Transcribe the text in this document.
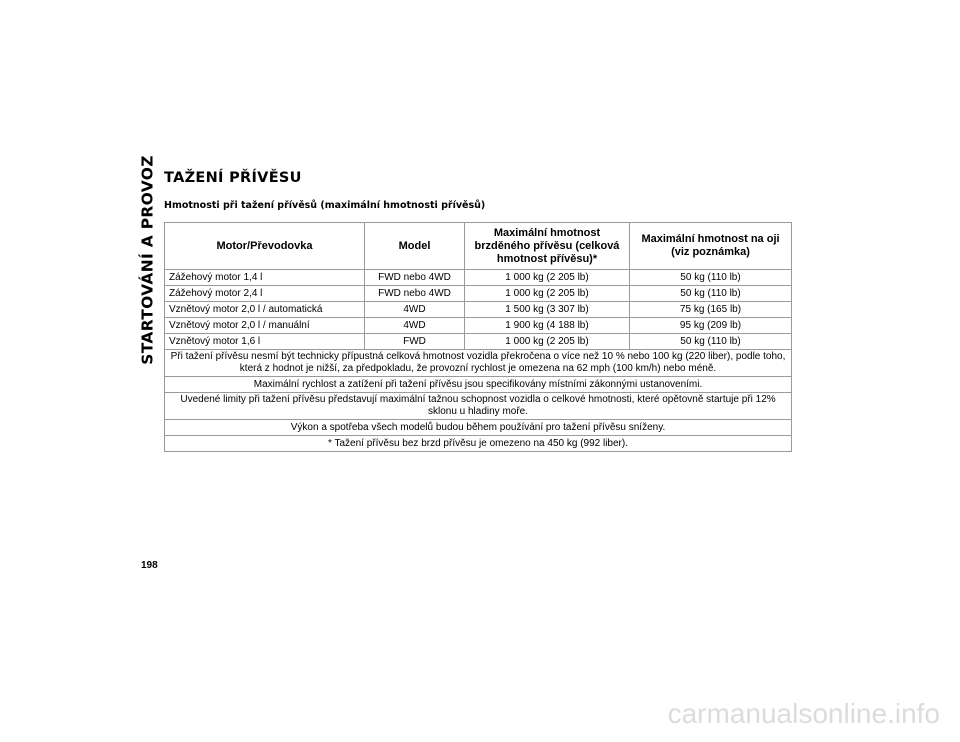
STARTOVÁNÍ A PROVOZ TAŽENÍ PŘÍVĚSU
Hmotnosti při tažení přívěsů (maximální hmotnosti přívěsů)
Motor/Převodovka	Model	Maximální hmotnost brzděného přívěsu (celková hmotnost přívěsu)*	Maximální hmotnost na oji (viz poznámka)
Zážehový motor 1,4 l	FWD nebo 4WD	1 000 kg (2 205 lb)	50 kg (110 lb)
Zážehový motor 2,4 l	FWD nebo 4WD	1 000 kg (2 205 lb)	50 kg (110 lb)
Vznětový motor 2,0 l / automatická	4WD	1 500 kg (3 307 lb)	75 kg (165 lb)
Vznětový motor 2,0 l / manuální	4WD	1 900 kg (4 188 lb)	95 kg (209 lb)
Vznětový motor 1,6 l	FWD	1 000 kg (2 205 lb)	50 kg (110 lb)
Při tažení přívěsu nesmí být technicky přípustná celková hmotnost vozidla překročena o více než 10 % nebo 100 kg (220 liber), podle toho, která z hodnot je nižší, za předpokladu, že provozní rychlost je omezena na 62 mph (100 km/h) nebo méně.			
Maximální rychlost a zatížení při tažení přívěsu jsou specifikovány místními zákonnými ustanoveními.			
Uvedené limity při tažení přívěsu představují maximální tažnou schopnost vozidla o celkové hmotnosti, které opětovně startuje při 12% sklonu u hladiny moře.			
Výkon a spotřeba všech modelů budou během používání pro tažení přívěsu sníženy.			
* Tažení přívěsu bez brzd přívěsu je omezeno na 450 kg (992 liber).			
198
carmanualsonline.info
